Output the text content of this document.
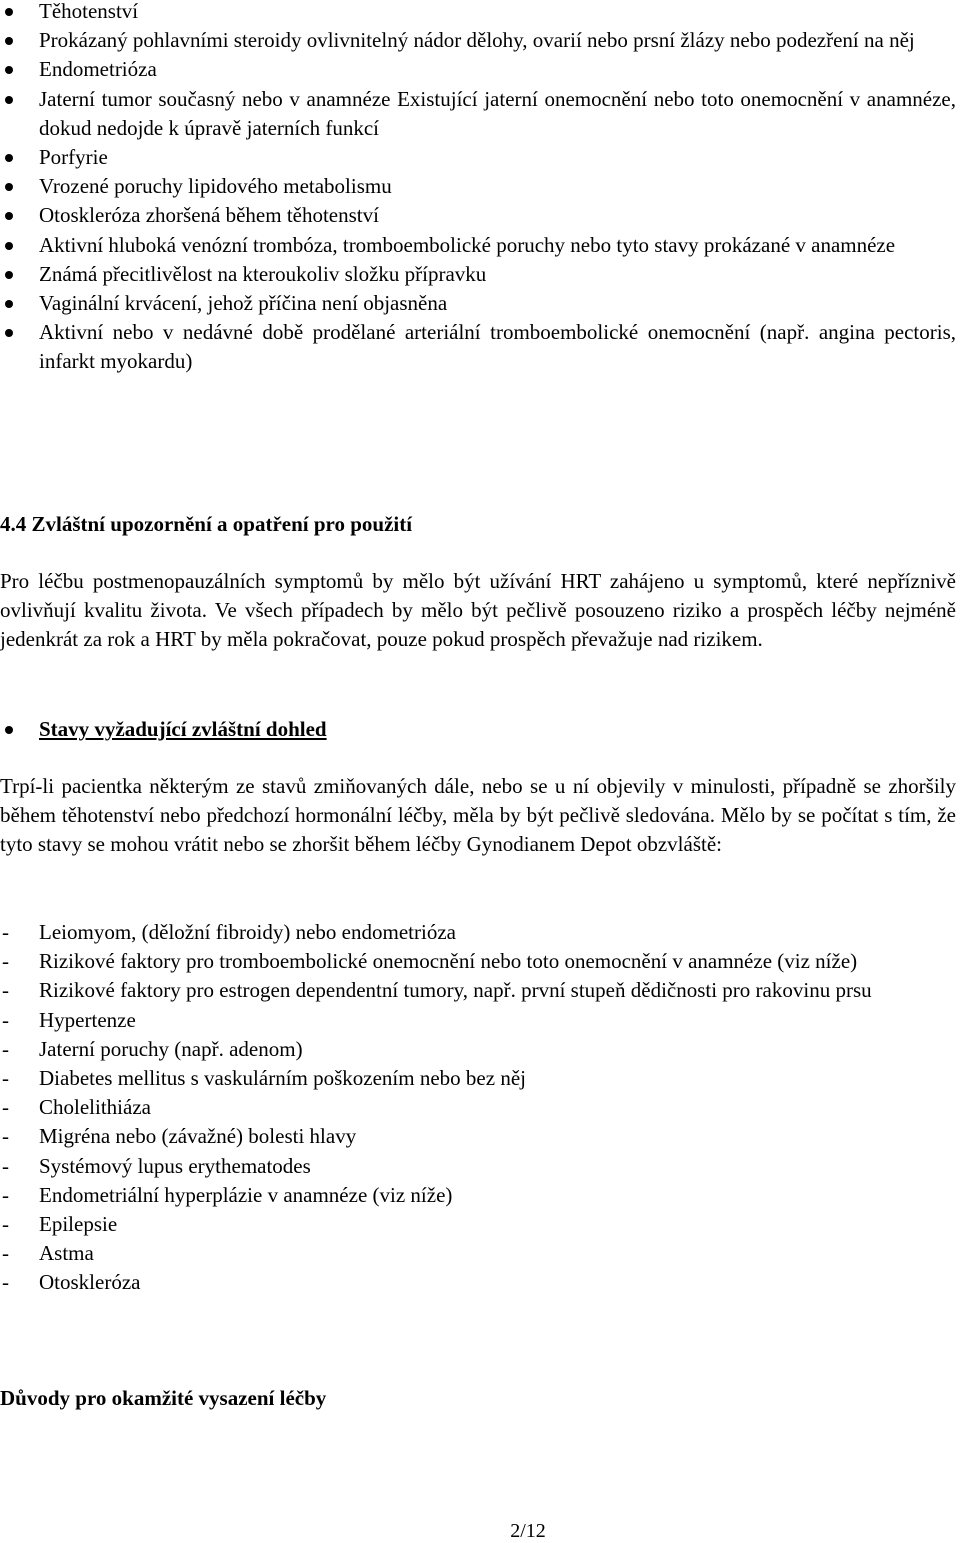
Těhotenství
Prokázaný pohlavními steroidy ovlivnitelný nádor dělohy, ovarií nebo prsní žlázy nebo podezření na něj
Endometrióza
Jaterní tumor současný nebo v anamnéze Existující jaterní onemocnění nebo toto onemocnění v anamnéze, dokud nedojde k úpravě jaterních funkcí
Porfyrie
Vrozené poruchy lipidového metabolismu
Otoskleróza zhoršená během těhotenství
Aktivní hluboká venózní trombóza, tromboembolické poruchy nebo tyto stavy prokázané v anamnéze
Známá přecitlivělost na kteroukoliv složku přípravku
Vaginální krvácení, jehož příčina není objasněna
Aktivní nebo v nedávné době prodělané arteriální tromboembolické onemocnění (např. angina pectoris, infarkt myokardu)
4.4 Zvláštní upozornění a opatření pro použití

Pro léčbu postmenopauzálních symptomů by mělo být užívání HRT zahájeno u symptomů, které nepříznivě ovlivňují kvalitu života. Ve všech případech by mělo být pečlivě posouzeno riziko a prospěch léčby nejméně jedenkrát za rok a HRT by měla pokračovat, pouze pokud prospěch převažuje nad rizikem.

Stavy vyžadující zvláštní dohled

Trpí-li pacientka některým ze stavů zmiňovaných dále, nebo se u ní objevily v minulosti, případně se zhoršily během těhotenství nebo předchozí hormonální léčby, měla by být pečlivě sledována. Mělo by se počítat s tím, že tyto stavy se mohou vrátit nebo se zhoršit během léčby Gynodianem Depot obzvláště:

- Leiomyom, (děložní fibroidy) nebo endometrióza
- Rizikové faktory pro tromboembolické onemocnění nebo toto onemocnění v anamnéze (viz níže)
- Rizikové faktory pro estrogen dependentní tumory, např. první stupeň dědičnosti pro rakovinu prsu
- Hypertenze
- Jaterní poruchy (např. adenom)
- Diabetes mellitus s vaskulárním poškozením nebo bez něj
- Cholelithiáza
- Migréna nebo (závažné) bolesti hlavy
- Systémový lupus erythematodes
- Endometriální hyperplázie v anamnéze (viz níže)
- Epilepsie
- Astma
- Otoskleróza
Důvody pro okamžité vysazení léčby
2/12
